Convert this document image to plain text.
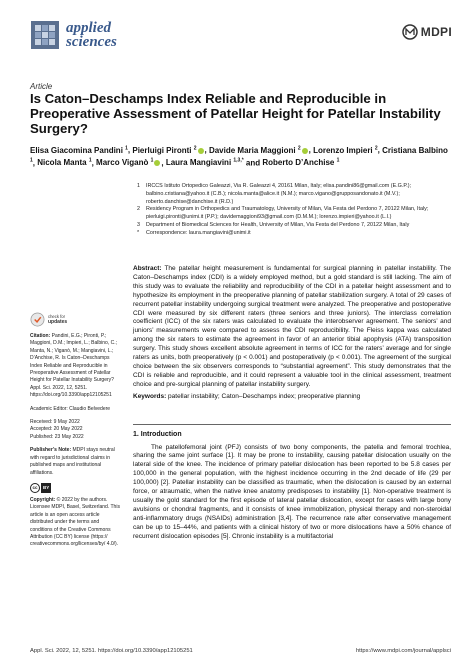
applied
sciences
MDPI
Article
Is Caton–Deschamps Index Reliable and Reproducible in Preoperative Assessment of Patellar Height for Patellar Instability Surgery?
Elisa Giacomina Pandini $^1$, Pierluigi Pironti $^2$ , Davide Maria Maggioni $^2$ , Lorenzo Impieri $^2$, Cristiana Balbino $^1$, Nicola Manta $^1$, Marco Viganò $^1$ , Laura Mangiavini $^{1,3,*}$ and Roberto D’Anchise $^1$
1	IRCCS Istituto Ortopedico Galeazzi, Via R. Galeazzi 4, 20161 Milan, Italy; elisa.pandini86@gmail.com (E.G.P.); balbino.cristiana@yahoo.it (C.B.); nicola.manta@alice.it (N.M.); marco.vigano@grupposandonato.it (M.V.); roberto.danchise@danchise.it (R.D.)
2	Residency Program in Orthopedics and Traumatology, University of Milan, Via Festa del Perdono 7, 20122 Milan, Italy; pierluigi.pironti@unimi.it (P.P.); davidemaggioni93@gmail.com (D.M.M.); lorenzo.impieri@yahoo.it (L.I.)
3	Department of Biomedical Sciences for Health, University of Milan, Via Festa del Perdono 7, 20122 Milan, Italy
*	Correspondence: laura.mangiavini@unimi.it
check for
updates
Citation: Pandini, E.G.; Pironti, P.; Maggioni, D.M.; Impieri, L.; Balbino, C.; Manta, N.; Viganò, M.; Mangiavini, L.; D’Anchise, R. Is Caton–Deschamps Index Reliable and Reproducible in Preoperative Assessment of Patellar Height for Patellar Instability Surgery? Appl. Sci. 2022, 12, 5251. https://doi.org/10.3390/app12105251
Academic Editor: Claudio Belvedere
Received: 9 May 2022
Accepted: 20 May 2022
Published: 23 May 2022
Publisher’s Note: MDPI stays neutral with regard to jurisdictional claims in published maps and institutional affiliations.
cc	BY
Copyright: © 2022 by the authors. Licensee MDPI, Basel, Switzerland. This article is an open access article distributed under the terms and conditions of the Creative Commons Attribution (CC BY) license (https:// creativecommons.org/licenses/by/ 4.0/).
Abstract: The patellar height measurement is fundamental for surgical planning in patellar instability. The Caton–Deschamps index (CDI) is a widely employed method, but a gold standard is still lacking. The aim of this study was to evaluate the reliability and reproducibility of the CDI in a patellar height assessment and to hypothesize its employment in the preoperative planning of patellar stabilization surgery. A total of 29 cases of recurrent patellar instability undergoing surgical treatment were analyzed. The preoperative and postoperative CDI were measured by six different raters (three seniors and three juniors). The interclass correlation coefficient (ICC) of the six raters was calculated to evaluate the interobserver agreement. The seniors’ and juniors’ measurements were compared to assess the CDI reproducibility. The Fleiss kappa was calculated among the six raters to estimate the agreement in favor of an anterior tibial apophysis (ATA) transposition surgery. This study shows excellent absolute agreement in terms of ICC for the raters’ average and for single raters as units, both preoperatively (p < 0.001) and postoperatively (p < 0.001). The agreement of the surgical choice between the six observers corresponds to “substantial agreement”. This study demonstrates that the CDI is reliable and reproducible, and it could represent a valuable tool in the clinical assessment, treatment choice and pre-surgical planning of patellar instability surgery.
Keywords: patellar instability; Caton–Deschamps index; preoperative planning
1. Introduction

The patellofemoral joint (PFJ) consists of two bony components, the patella and femoral trochlea, sharing the same joint surface [1]. It may be prone to instability, causing patellar dislocation usually on the lateral side of the knee. The incidence of primary patellar dislocation has been reported to be 5.8 cases per 100,000 in the general population, with the highest incidence occurring in the 2nd decade of life (29 per 100,000) [2]. Patellar instability can be classified as traumatic, when the dislocation is caused by an external force, or atraumatic, when the native knee anatomy predisposes to instability [1]. Non-operative treatment is usually the gold standard for the first episode of lateral patellar dislocation, except for cases with large bony avulsions or chondral fragments, and it consists of knee immobilization, physical therapy and non-steroidal anti-inflammatory drugs (NSAIDs) administration [3,4]. The recurrence rate after conservative management can be up to 15–44%, and patients with a clinical history of two or more dislocations have a 50% chance of recurrent dislocation episodes [5]. Chronic instability is a multifactorial

Appl. Sci. 2022, 12, 5251. https://doi.org/10.3390/app12105251	https://www.mdpi.com/journal/applsci
